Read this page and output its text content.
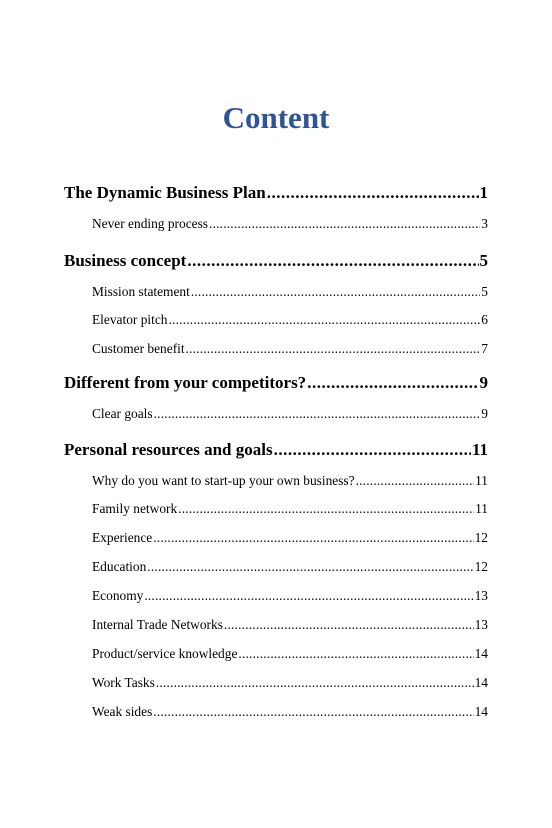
Content
The Dynamic Business Plan .....	1
Never ending process .....	3
Business concept .....	5
Mission statement .....	5
Elevator pitch .....	6
Customer benefit .....	7
Different from your competitors? .....	9
Clear goals .....	9
Personal resources and goals .....	11
Why do you want to start-up your own business? .....	11
Family network .....	11
Experience .....	12
Education .....	12
Economy .....	13
Internal Trade Networks .....	13
Product/service knowledge .....	14
Work Tasks .....	14
Weak sides .....	14
